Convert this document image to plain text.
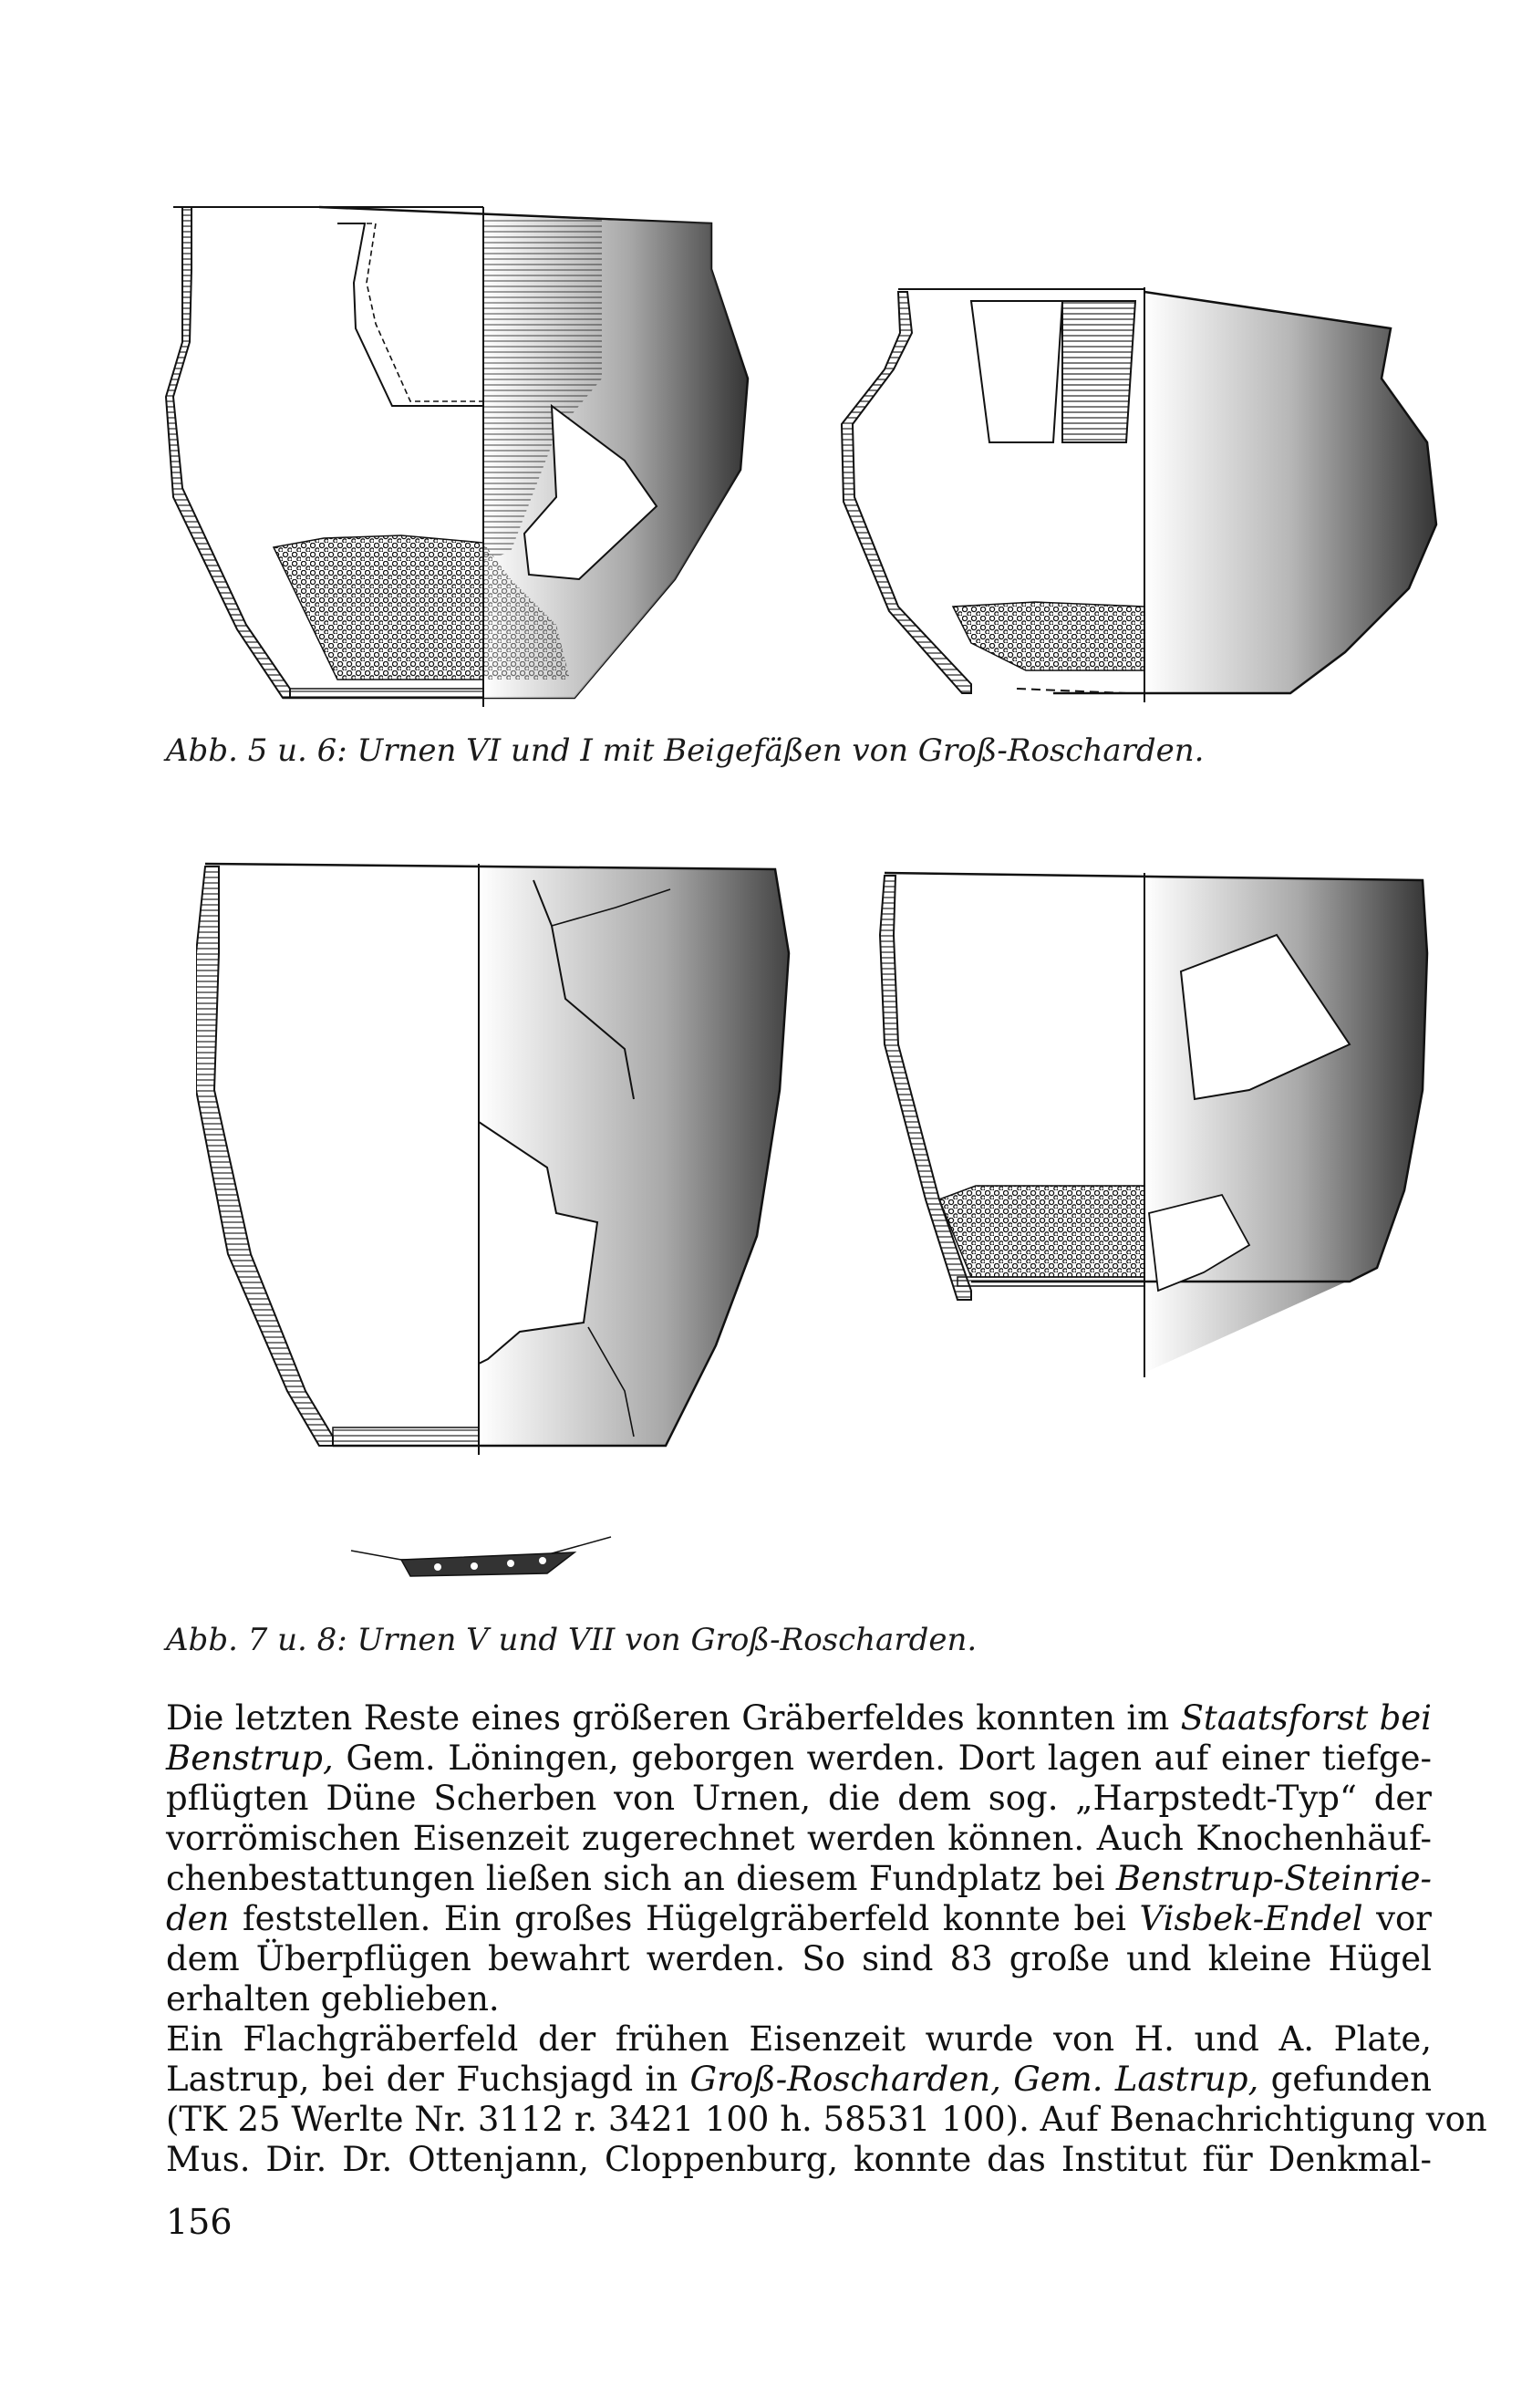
Abb. 5 u. 6: Urnen VI und I mit Beigefäßen von Groß-Roscharden.
Abb. 7 u. 8: Urnen V und VII von Groß-Roscharden.
Die letzten Reste eines größeren Gräberfeldes konnten im Staatsforst bei
Benstrup, Gem. Löningen, geborgen werden. Dort lagen auf einer tiefge-
pflügten Düne Scherben von Urnen, die dem sog. „Harpstedt-Typ“ der
vorrömischen Eisenzeit zugerechnet werden können. Auch Knochenhäuf-
chenbestattungen ließen sich an diesem Fundplatz bei Benstrup-Steinrie-
den feststellen. Ein großes Hügelgräberfeld konnte bei Visbek-Endel vor
dem Überpflügen bewahrt werden. So sind 83 große und kleine Hügel
erhalten geblieben.
Ein Flachgräberfeld der frühen Eisenzeit wurde von H. und A. Plate,
Lastrup, bei der Fuchsjagd in Groß-Roscharden, Gem. Lastrup, gefunden
(TK 25 Werlte Nr. 3112 r. 3421 100 h. 58531 100). Auf Benachrichtigung von
Mus. Dir. Dr. Ottenjann, Cloppenburg, konnte das Institut für Denkmal-
156
